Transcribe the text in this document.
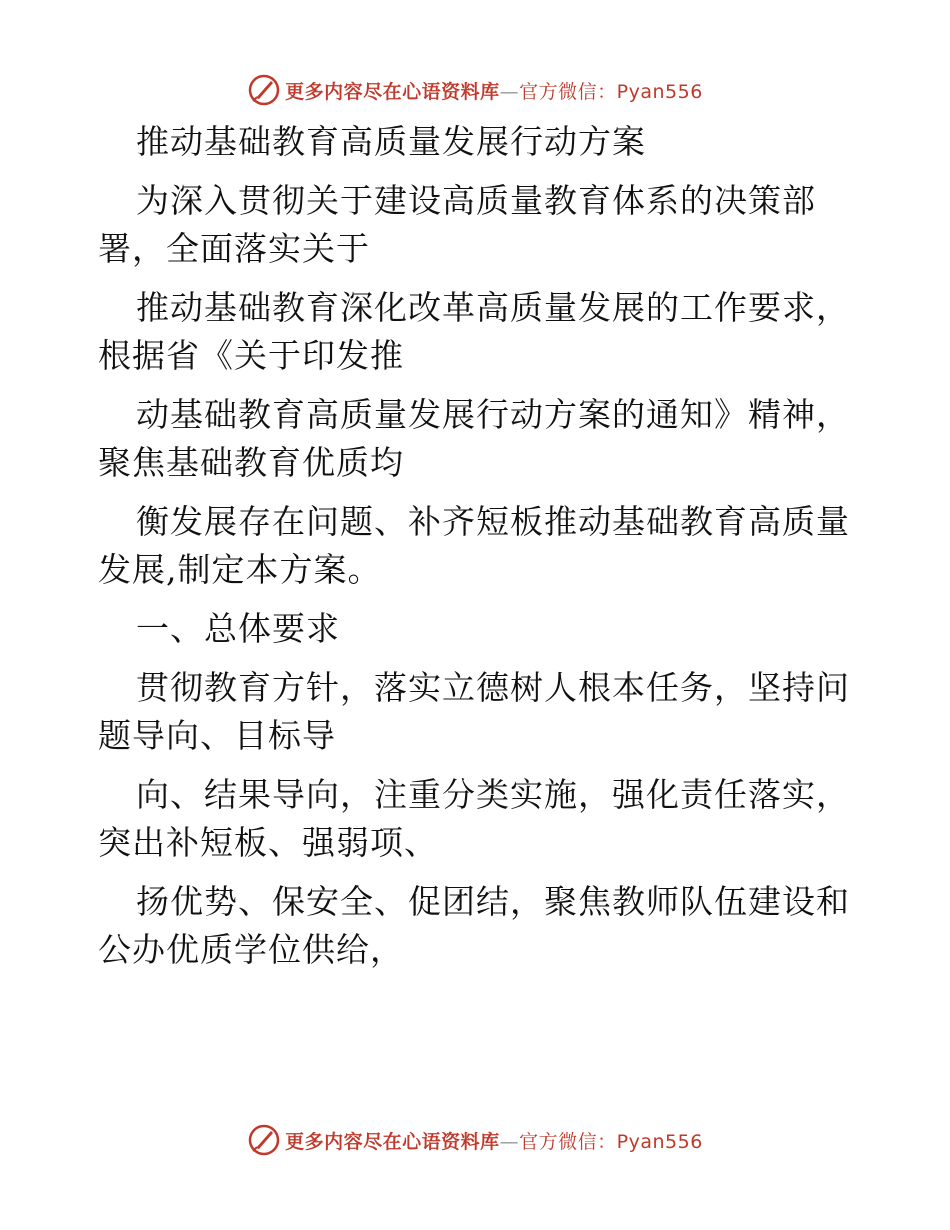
更多内容尽在心语资料库—官方微信：Pyan556
推动基础教育高质量发展行动方案
为深入贯彻关于建设高质量教育体系的决策部
署，全面落实关于
推动基础教育深化改革高质量发展的工作要求，
根据省《关于印发推
动基础教育高质量发展行动方案的通知》精神，
聚焦基础教育优质均
衡发展存在问题、补齐短板推动基础教育高质量
发展,制定本方案。
一、总体要求
贯彻教育方针，落实立德树人根本任务，坚持问
题导向、目标导
向、结果导向，注重分类实施，强化责任落实，
突出补短板、强弱项、
扬优势、保安全、促团结，聚焦教师队伍建设和
公办优质学位供给，
更多内容尽在心语资料库—官方微信：Pyan556
